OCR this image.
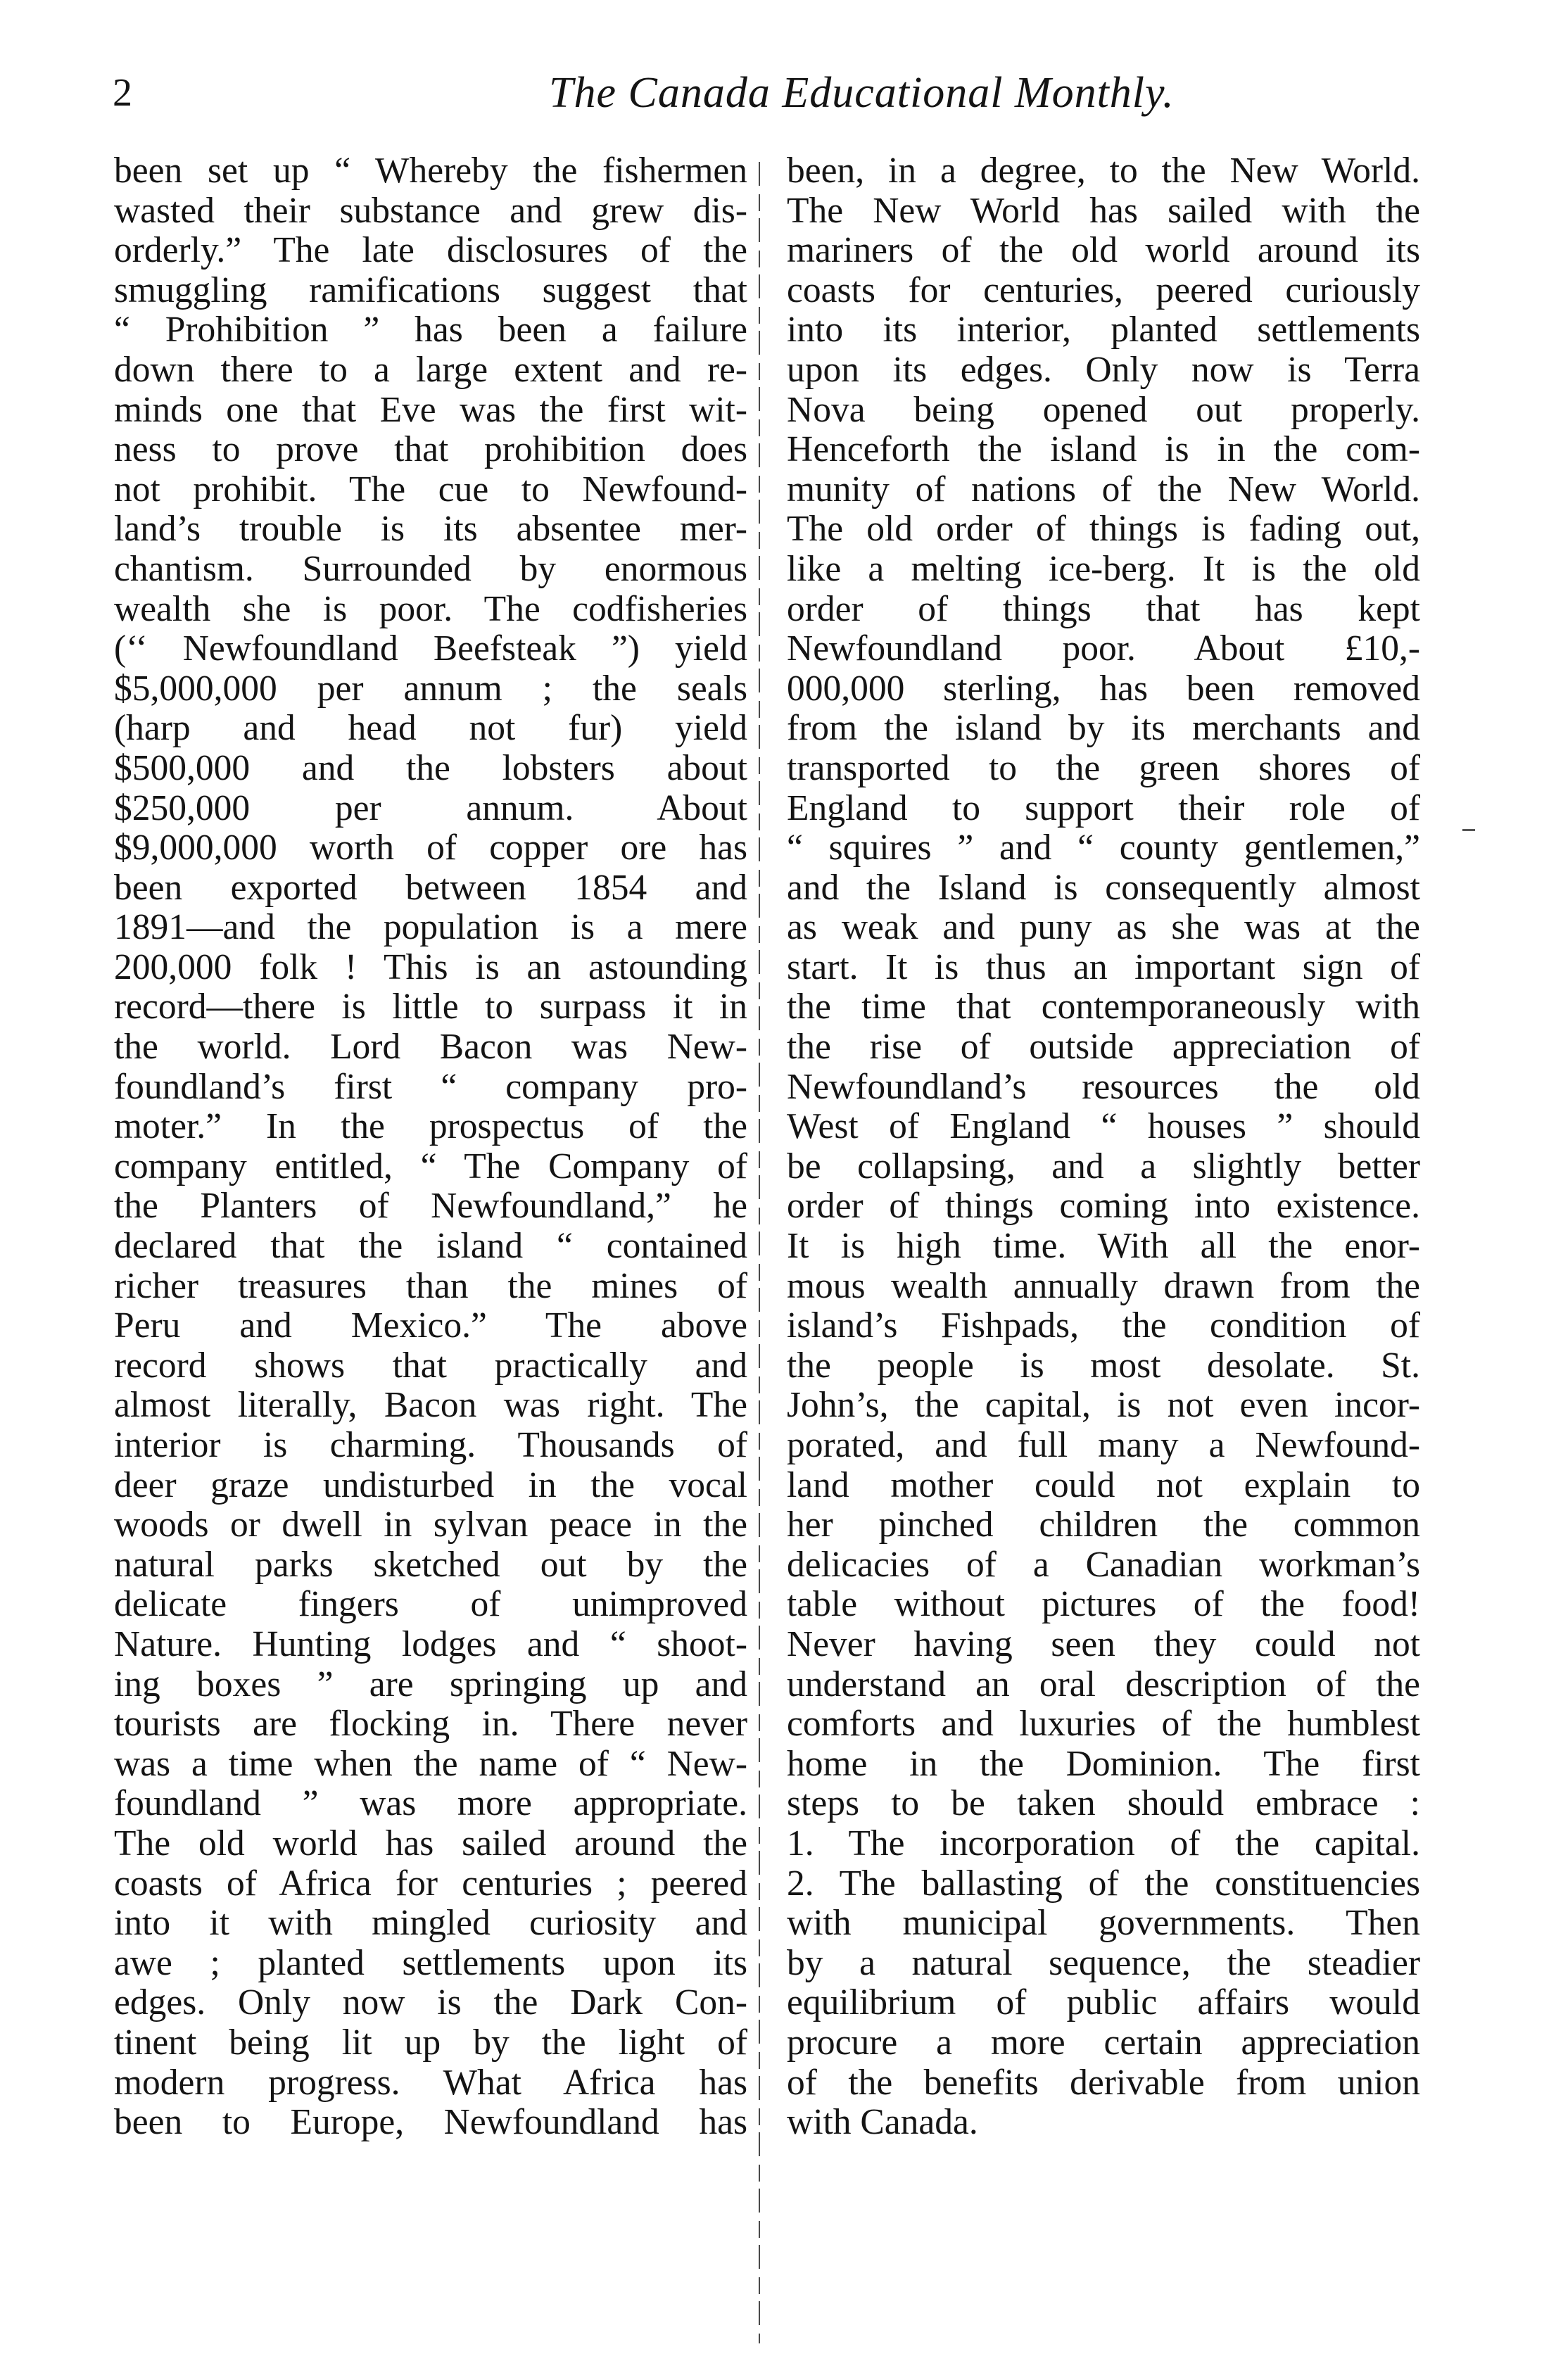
2	The Canada Educational Monthly.
been set up “ Whereby the fishermen
wasted their substance and grew dis-
orderly.” The late disclosures of the
smuggling ramifications suggest that
“ Prohibition ” has been a failure
down there to a large extent and re-
minds one that Eve was the first wit-
ness to prove that prohibition does
not prohibit. The cue to Newfound-
land’s trouble is its absentee mer-
chantism. Surrounded by enormous
wealth she is poor. The codfisheries
(‘‘ Newfoundland Beefsteak ”) yield
$5,000,000 per annum ; the seals
(harp and head not fur) yield
$500,000 and the lobsters about
$250,000 per annum. About
$9,000,000 worth of copper ore has
been exported between 1854 and
1891—and the population is a mere
200,000 folk ! This is an astounding
record—there is little to surpass it in
the world. Lord Bacon was New-
foundland’s first “ company pro-
moter.” In the prospectus of the
company entitled, “ The Company of
the Planters of Newfoundland,” he
declared that the island “ contained
richer treasures than the mines of
Peru and Mexico.” The above
record shows that practically and
almost literally, Bacon was right. The
interior is charming. Thousands of
deer graze undisturbed in the vocal
woods or dwell in sylvan peace in the
natural parks sketched out by the
delicate fingers of unimproved
Nature. Hunting lodges and “ shoot-
ing boxes ” are springing up and
tourists are flocking in. There never
was a time when the name of “ New-
foundland ” was more appropriate.
The old world has sailed around the
coasts of Africa for centuries ; peered
into it with mingled curiosity and
awe ; planted settlements upon its
edges. Only now is the Dark Con-
tinent being lit up by the light of
modern progress. What Africa has
been to Europe, Newfoundland has
been, in a degree, to the New World.
The New World has sailed with the
mariners of the old world around its
coasts for centuries, peered curiously
into its interior, planted settlements
upon its edges. Only now is Terra
Nova being opened out properly.
Henceforth the island is in the com-
munity of nations of the New World.
The old order of things is fading out,
like a melting ice-berg. It is the old
order of things that has kept
Newfoundland poor. About £10,-
000,000 sterling, has been removed
from the island by its merchants and
transported to the green shores of
England to support their role of
“ squires ” and “ county gentlemen,”
and the Island is consequently almost
as weak and puny as she was at the
start. It is thus an important sign of
the time that contemporaneously with
the rise of outside appreciation of
Newfoundland’s resources the old
West of England “ houses ” should
be collapsing, and a slightly better
order of things coming into existence.
It is high time. With all the enor-
mous wealth annually drawn from the
island’s Fishpads, the condition of
the people is most desolate. St.
John’s, the capital, is not even incor-
porated, and full many a Newfound-
land mother could not explain to
her pinched children the common
delicacies of a Canadian workman’s
table without pictures of the food!
Never having seen they could not
understand an oral description of the
comforts and luxuries of the humblest
home in the Dominion. The first
steps to be taken should embrace :
1. The incorporation of the capital.
2. The ballasting of the constituencies
with municipal governments. Then
by a natural sequence, the steadier
equilibrium of public affairs would
procure a more certain appreciation
of the benefits derivable from union
with Canada.
